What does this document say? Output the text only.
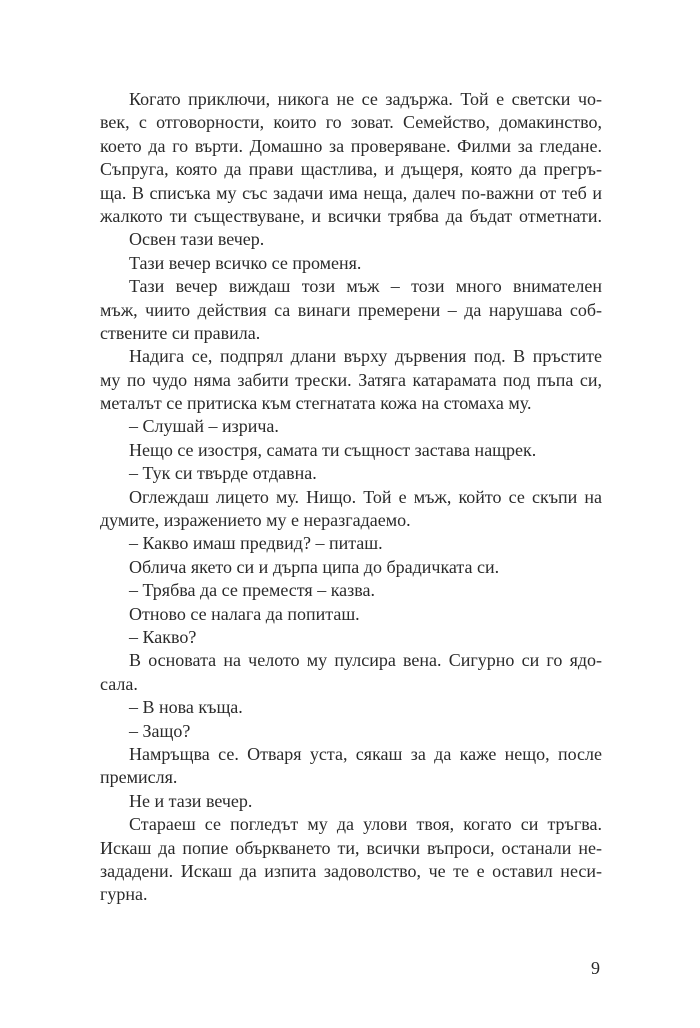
Когато приключи, никога не се задържа. Той е светски чо-
век, с отговорности, които го зоват. Семейство, домакинство,
което да го върти. Домашно за проверяване. Филми за гледане.
Съпруга, която да прави щастлива, и дъщеря, която да прегръ-
ща. В списъка му със задачи има неща, далеч по-важни от теб и
жалкото ти съществуване, и всички трябва да бъдат отметнати.
Освен тази вечер.
Тази вечер всичко се променя.
Тази вечер виждаш този мъж – този много внимателен
мъж, чиито действия са винаги премерени – да нарушава соб-
ствените си правила.
Надига се, подпрял длани върху дървения под. В пръстите
му по чудо няма забити трески. Затяга катарамата под пъпа си,
металът се притиска към стегнатата кожа на стомаха му.
– Слушай – изрича.
Нещо се изостря, самата ти същност застава нащрек.
– Тук си твърде отдавна.
Оглеждаш лицето му. Нищо. Той е мъж, който се скъпи на
думите, изражението му е неразгадаемо.
– Какво имаш предвид? – питаш.
Облича якето си и дърпа ципа до брадичката си.
– Трябва да се преместя – казва.
Отново се налага да попиташ.
– Какво?
В основата на челото му пулсира вена. Сигурно си го ядо-
сала.
– В нова къща.
– Защо?
Намръщва се. Отваря уста, сякаш за да каже нещо, после
премисля.
Не и тази вечер.
Стараеш се погледът му да улови твоя, когато си тръгва.
Искаш да попие объркването ти, всички въпроси, останали не-
зададени. Искаш да изпита задоволство, че те е оставил неси-
гурна.
9
